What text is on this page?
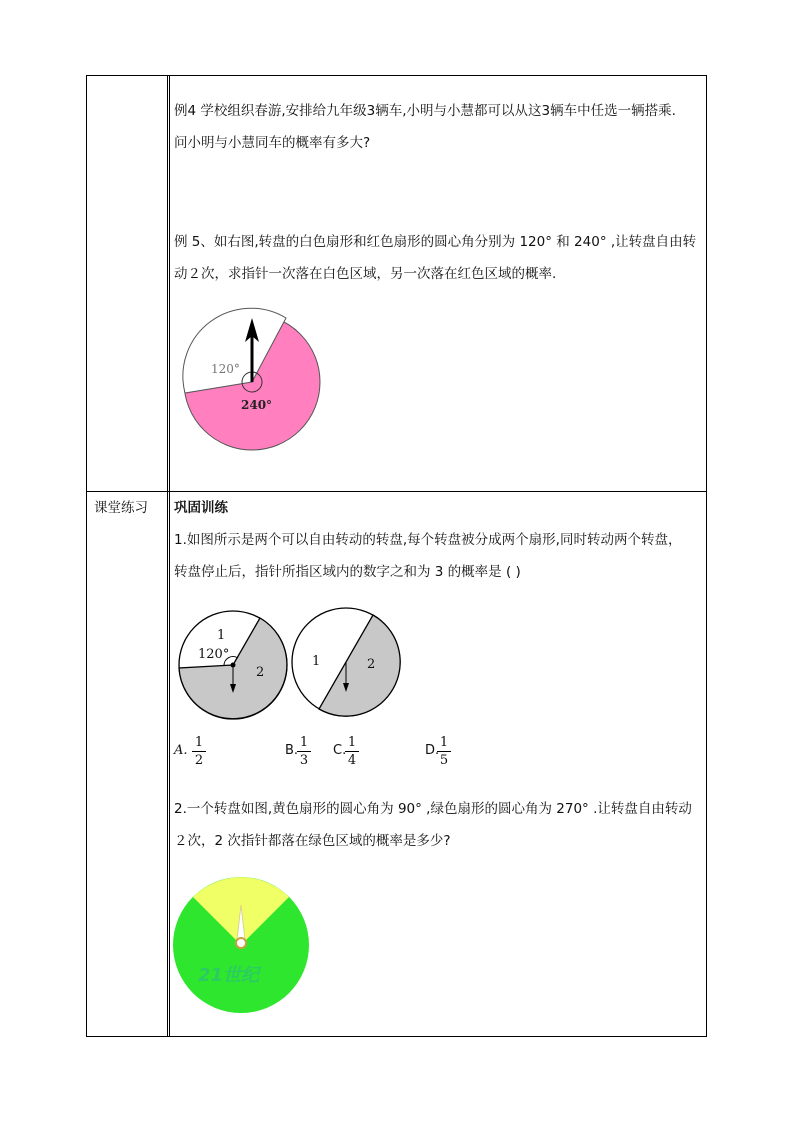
例4 学校组织春游,安排给九年级3辆车,小明与小慧都可以从这3辆车中任选一辆搭乘.
问小明与小慧同车的概率有多大?
例 5、如右图,转盘的白色扇形和红色扇形的圆心角分别为 120° 和 240° ,让转盘自由转
动２次，求指针一次落在白色区域，另一次落在红色区域的概率.
120°
240°
课堂练习 巩固训练
1.如图所示是两个可以自由转动的转盘,每个转盘被分成两个扇形,同时转动两个转盘，
转盘停止后，指针所指区域内的数字之和为 3 的概率是 ( )
1
120°
2
1	2
A. $\frac{1}{2}$	B.
$\frac{1}{3} C$.
$\frac{1}{4}$	D.
$\frac{1}{5}$
2.一个转盘如图,黄色扇形的圆心角为 90° ,绿色扇形的圆心角为 270° .让转盘自由转动
２次，2 次指针都落在绿色区域的概率是多少?
21世纪
